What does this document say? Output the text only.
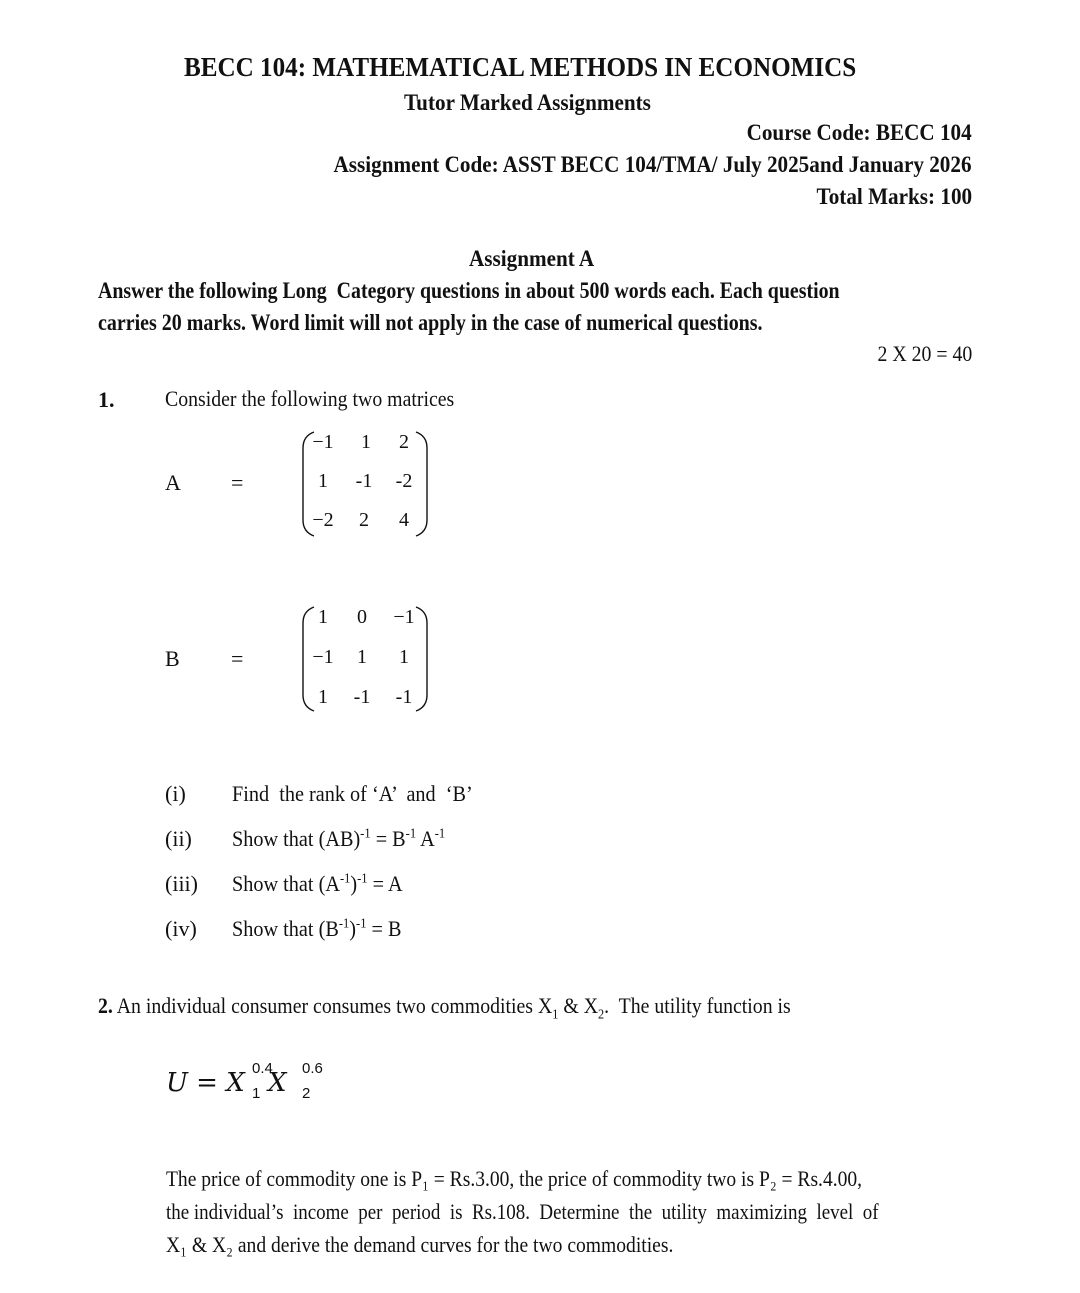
BECC 104: MATHEMATICAL METHODS IN ECONOMICS
Tutor Marked Assignments
Course Code: BECC 104
Assignment Code: ASST BECC 104/TMA/ July 2025and January 2026
Total Marks: 100
Assignment A
Answer the following Long  Category questions in about 500 words each. Each question
carries 20 marks. Word limit will not apply in the case of numerical questions.
2 X 20 = 40
1. Consider the following two matrices
A =
−1	1	2
1	-1	-2
−2	2	4
B =
1	0	−1
−1	1	1
1	-1	-1
(i) Find  the rank of ‘A’  and  ‘B’
(ii) Show that $(AB)^{-1} = B^{-1}$ $A^{-1}$
(iii) Show that $(A^{-1})^{-1} = A$
(iv) Show that $(B^{-1})^{-1} = B$
2. An individual consumer consumes two commodities $X_1$ & $X_2$.  The utility function is
U = X X
0.4
1
0.6
2
The price of commodity one is P₁ = Rs.3.00, the price of commodity two is P₂ = Rs.4.00,
the individual’s  income  per  period  is  Rs.108.  Determine  the  utility  maximizing  level  of
X₁ & X₂ and derive the demand curves for the two commodities.
